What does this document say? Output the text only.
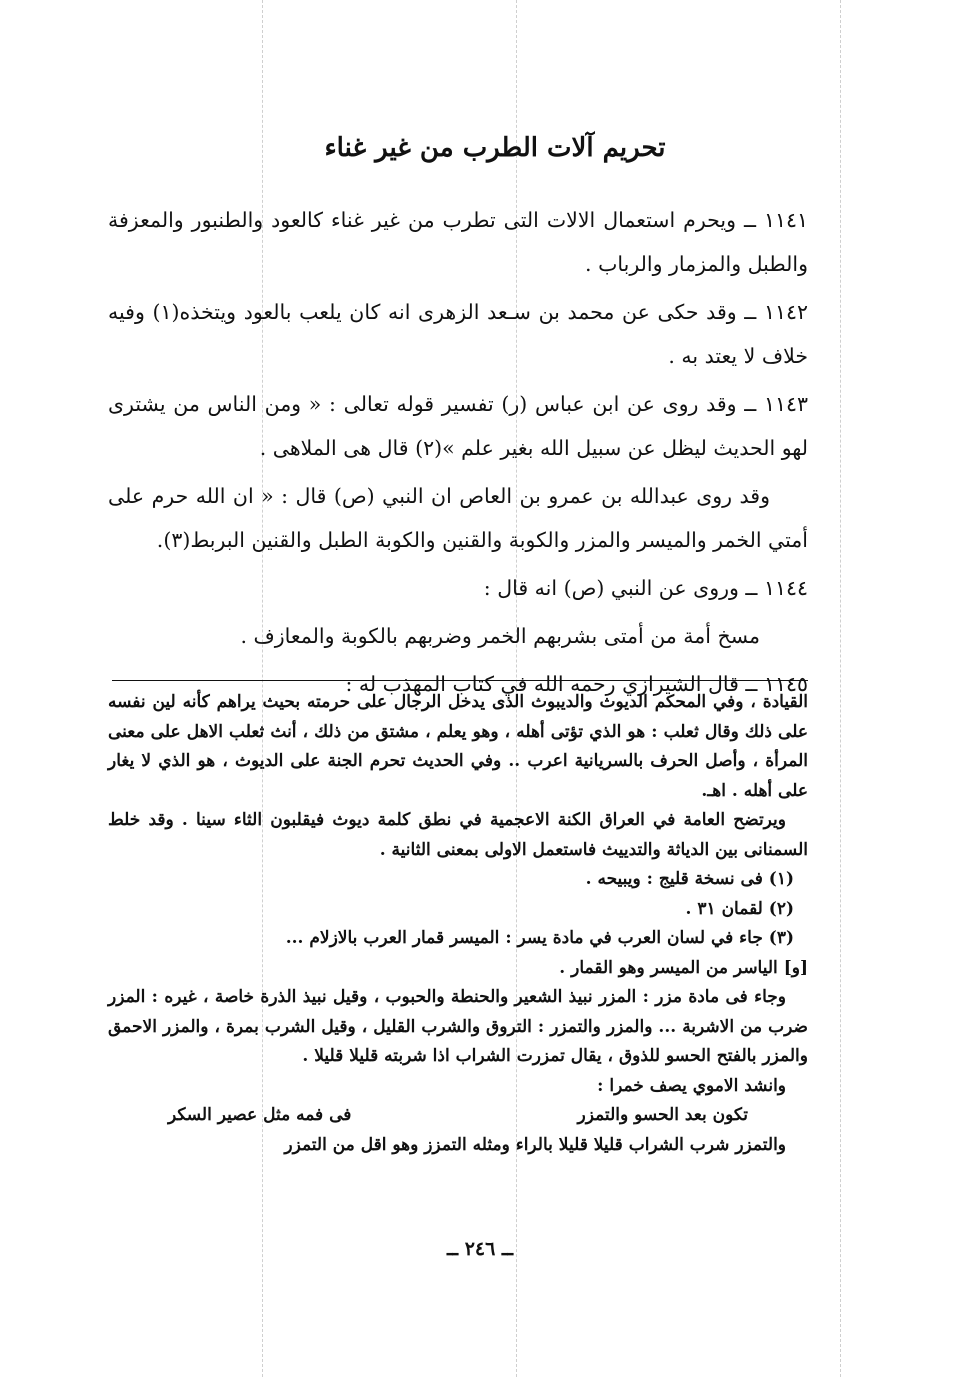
تحريم آلات الطرب من غير غناء

١١٤١ ــ ويحرم استعمال الالات التى تطرب من غير غناء كالعود والطنبور والمعزفة والطبل والمزمار والرباب .

١١٤٢ ــ وقد حكى عن محمد بن سـعد الزهرى انه كان يلعب بالعود ويتخذه(١) وفيه خلاف لا يعتد به .

١١٤٣ ــ وقد روى عن ابن عباس (ر) تفسير قوله تعالى : « ومن الناس من يشترى لهو الحديث ليظل عن سبيل الله بغير علم »(٢) قال هى الملاهى .

وقد روى عبدالله بن عمرو بن العاص ان النبي (ص) قال : « ان الله حرم على أمتي الخمر والميسر والمزر والكوبة والقنين والكوبة الطبل والقنين البربط(٣).

١١٤٤ ــ وروى عن النبي (ص) انه قال :

مسخ أمة من أمتى بشربهم الخمر وضربهم بالكوبة والمعازف .

١١٤٥ ــ قال الشيرازي رحمه الله في كتاب المهذب له :

القيادة ، وفي المحكم الديوث والديبوث الذى يدخل الرجال على حرمته بحيث يراهم كأنه لين نفسه على ذلك وقال ثعلب : هو الذي تؤتى أهله ، وهو يعلم ، مشتق من ذلك ، أنث ثعلب الاهل على معنى المرأة ، وأصل الحرف بالسريانية اعرب .. وفي الحديث تحرم الجنة على الديوث ، هو الذي لا يغار على أهله . اهـ.

ويرتضح العامة في العراق الكنة الاعجمية في نطق كلمة ديوث فيقلبون الثاء سينا . وقد خلط السمنانى بين الدياثة والتدييث فاستعمل الاولى بمعنى الثانية .

(١) فى نسخة قليج : ويبيحه .

(٢) لقمان ٣١ .

(٣) جاء في لسان العرب في مادة يسر : الميسر قمار العرب بالازلام ...

[و] الياسر من الميسر وهو القمار .

وجاء فى مادة مزر : المزر نبيذ الشعير والحنطة والحبوب ، وقيل نبيذ الذرة خاصة ، غيره : المزر ضرب من الاشربة ... والمزر والتمزر : التروق والشرب القليل ، وقيل الشرب بمرة ، والمزر الاحمق والمزر بالفتح الحسو للذوق ، يقال تمزرت الشراب اذا شربته قليلا قليلا .

وانشد الاموي يصف خمرا :

تكون بعد الحسو والتمزر
فى فمه مثل عصير السكر

والتمزر شرب الشراب قليلا قليلا بالراء ومثله التمزز وهو اقل من التمزر

ــ ٢٤٦ ــ
